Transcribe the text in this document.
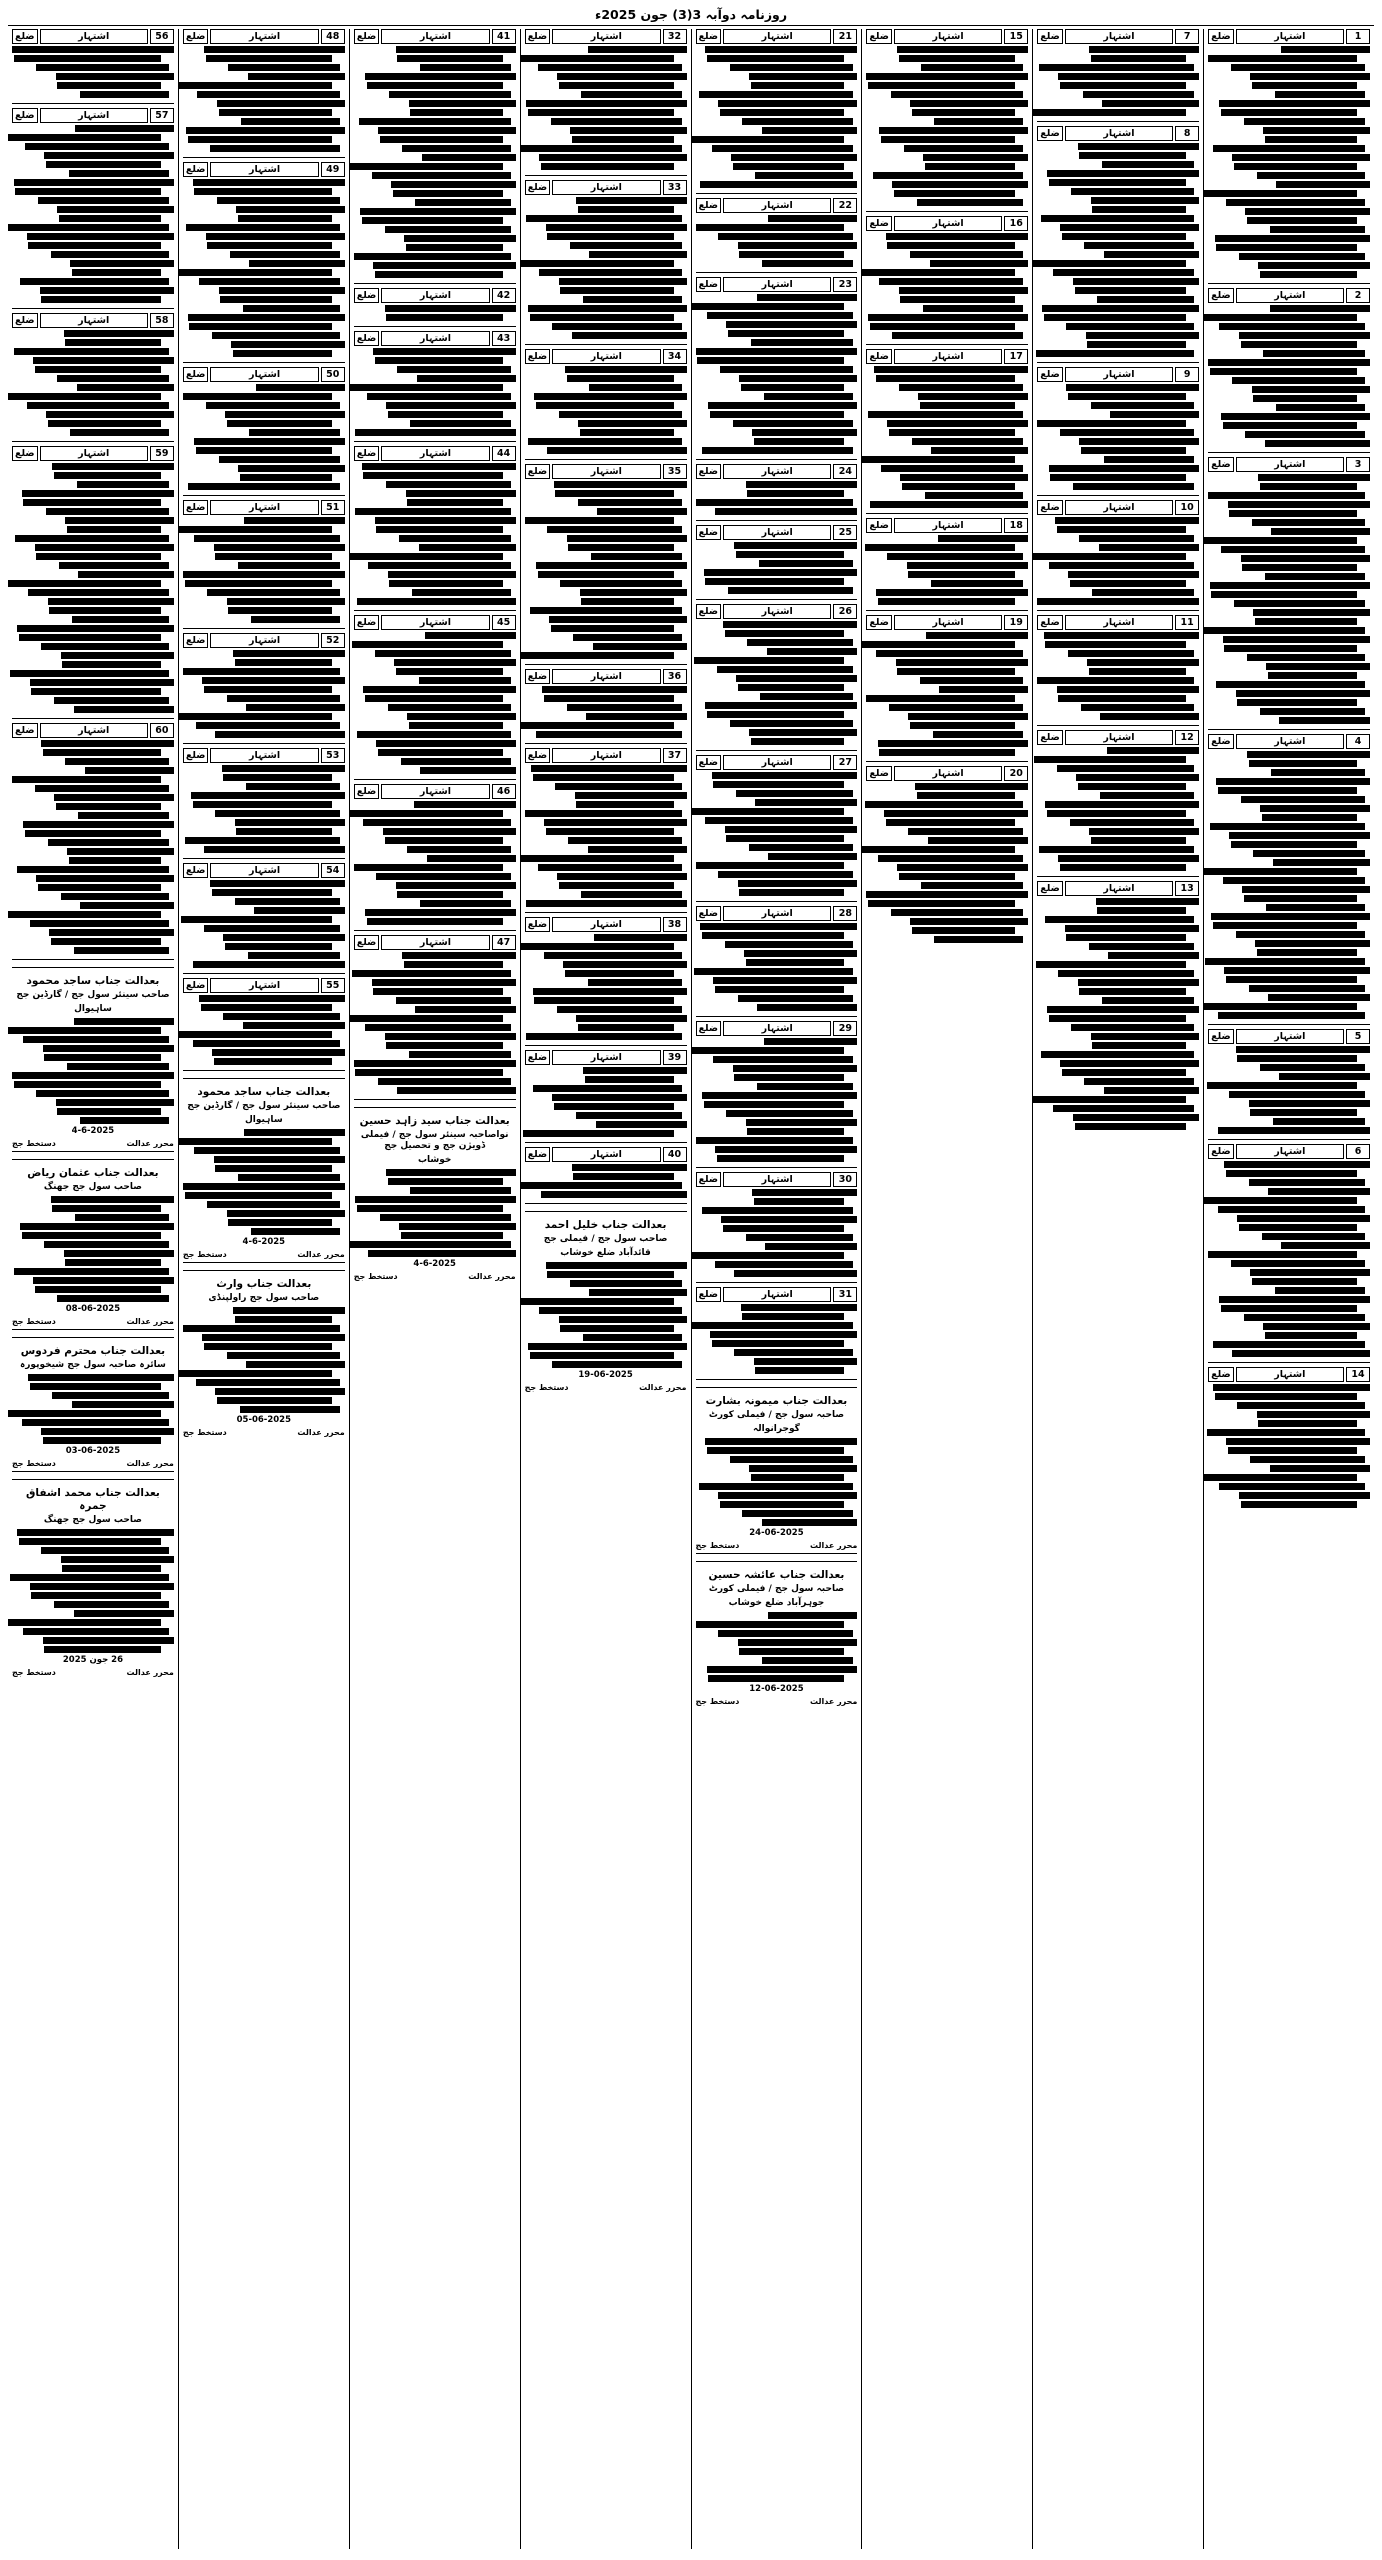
روزنامہ دوآبہ 3(3) جون 2025ء
1
اشتہار
ضلع
2
اشتہار
ضلع
3
اشتہار
ضلع
4
اشتہار
ضلع
5
اشتہار
ضلع
6
اشتہار
ضلع
14
اشتہار
ضلع
7
اشتہار
ضلع
8
اشتہار
ضلع
9
اشتہار
ضلع
10
اشتہار
ضلع
11
اشتہار
ضلع
12
اشتہار
ضلع
13
اشتہار
ضلع
15
اشتہار
ضلع
16
اشتہار
ضلع
17
اشتہار
ضلع
18
اشتہار
ضلع
19
اشتہار
ضلع
20
اشتہار
ضلع
21
اشتہار
ضلع
22
اشتہار
ضلع
23
اشتہار
ضلع
24
اشتہار
ضلع
25
اشتہار
ضلع
26
اشتہار
ضلع
27
اشتہار
ضلع
28
اشتہار
ضلع
29
اشتہار
ضلع
30
اشتہار
ضلع
31
اشتہار
ضلع
بعدالت جناب میمونہ بشارت
صاحبہ سول جج / فیملی کورٹ
گوجرانوالہ
24-06-2025
محرر عدالت
دستخط جج
بعدالت جناب عائشہ حسین
صاحبہ سول جج / فیملی کورٹ
جوہرآباد ضلع خوشاب
12-06-2025
محرر عدالت
دستخط جج
32
اشتہار
ضلع
33
اشتہار
ضلع
34
اشتہار
ضلع
35
اشتہار
ضلع
36
اشتہار
ضلع
37
اشتہار
ضلع
38
اشتہار
ضلع
39
اشتہار
ضلع
40
اشتہار
ضلع
بعدالت جناب خلیل احمد
صاحب سول جج / فیملی جج
قائدآباد ضلع خوشاب
19-06-2025
محرر عدالت
دستخط جج
41
اشتہار
ضلع
42
اشتہار
ضلع
43
اشتہار
ضلع
44
اشتہار
ضلع
45
اشتہار
ضلع
46
اشتہار
ضلع
47
اشتہار
ضلع
بعدالت جناب سید زاہد حسین
نواصاحبہ سینئر سول جج / فیملی ڈویژن جج و تحصیل جج
خوشاب
4-6-2025
محرر عدالت
دستخط جج
48
اشتہار
ضلع
49
اشتہار
ضلع
50
اشتہار
ضلع
51
اشتہار
ضلع
52
اشتہار
ضلع
53
اشتہار
ضلع
54
اشتہار
ضلع
55
اشتہار
ضلع
بعدالت جناب ساجد محمود
صاحب سینئر سول جج / گارڈین جج
ساہیوال
4-6-2025
محرر عدالت
دستخط جج
بعدالت جناب وارث
صاحب سول جج راولپنڈی
05-06-2025
محرر عدالت
دستخط جج
56
اشتہار
ضلع
57
اشتہار
ضلع
58
اشتہار
ضلع
59
اشتہار
ضلع
60
اشتہار
ضلع
بعدالت جناب ساجد محمود
صاحب سینئر سول جج / گارڈین جج
ساہیوال
4-6-2025
محرر عدالت
دستخط جج
بعدالت جناب عثمان ریاض
صاحب سول جج جھنگ
08-06-2025
محرر عدالت
دستخط جج
بعدالت جناب محترم فردوس
سائرہ صاحبہ سول جج شیخوپورہ
03-06-2025
محرر عدالت
دستخط جج
بعدالت جناب محمد اشفاق جمرہ
صاحب سول جج جھنگ
26 جون 2025
محرر عدالت
دستخط جج
